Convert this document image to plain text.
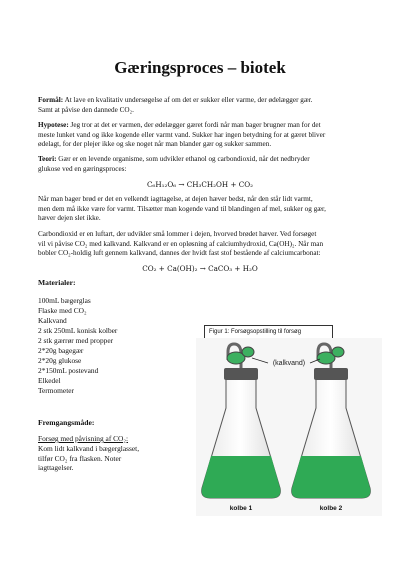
Gæringsproces – biotek
Formål: At lave en kvalitativ undersøgelse af om det er sukker eller varme, der ødelægger gær.
Samt at påvise den dannede CO₂.
Hypotese: Jeg tror at det er varmen, der ødelægger gæret fordi når man bager brugner man for det
meste lunket vand og ikke kogende eller varmt vand. Sukker har ingen betydning for at gæret bliver
ødelagt, for der plejer ikke og ske noget når man blander gær og sukker sammen.
Teori: Gær er en levende organisme, som udvikler ethanol og carbondioxid, når det nedbryder
glukose ved en gæringsproces:
C₆H₁₂O₆ → CH₃CH₂OH + CO₂
Når man bager brød er det en velkendt iagttagelse, at dejen hæver bedst, når den står lidt varmt,
men dem må ikke være for varmt. Tilsætter man kogende vand til blandingen af mel, sukker og gær,
hæver dejen slet ikke.
Carbondioxid er en luftart, der udvikler små lommer i dejen, hvorved brødet hæver. Ved forsøget
vil vi påvise CO₂ med kalkvand. Kalkvand er en opløsning af calciumhydroxid, Ca(OH)₂. Når man
bobler CO₂-holdig luft gennem kalkvand, dannes der hvidt fast stof bestående af calciumcarbonat:
CO₂ + Ca(OH)₂ → CaCO₃ + H₂O
Materialer:
100mL bægerglas
Flaske med CO₂
Kalkvand
2 stk 250mL konisk kolber
2 stk gærrør med propper
2*20g bagegær
2*20g glukose
2*150mL postevand
Elkedel
Termometer
Figur 1: Forsøgsopstilling til forsøg
(kalkvand)
kolbe 1	kolbe 2
Fremgangsmåde:
Forsøg med påvisning af CO₂:
Kom lidt kalkvand i bægerglasset,
tilfør CO₂ fra flasken. Noter
iagttagelser.
